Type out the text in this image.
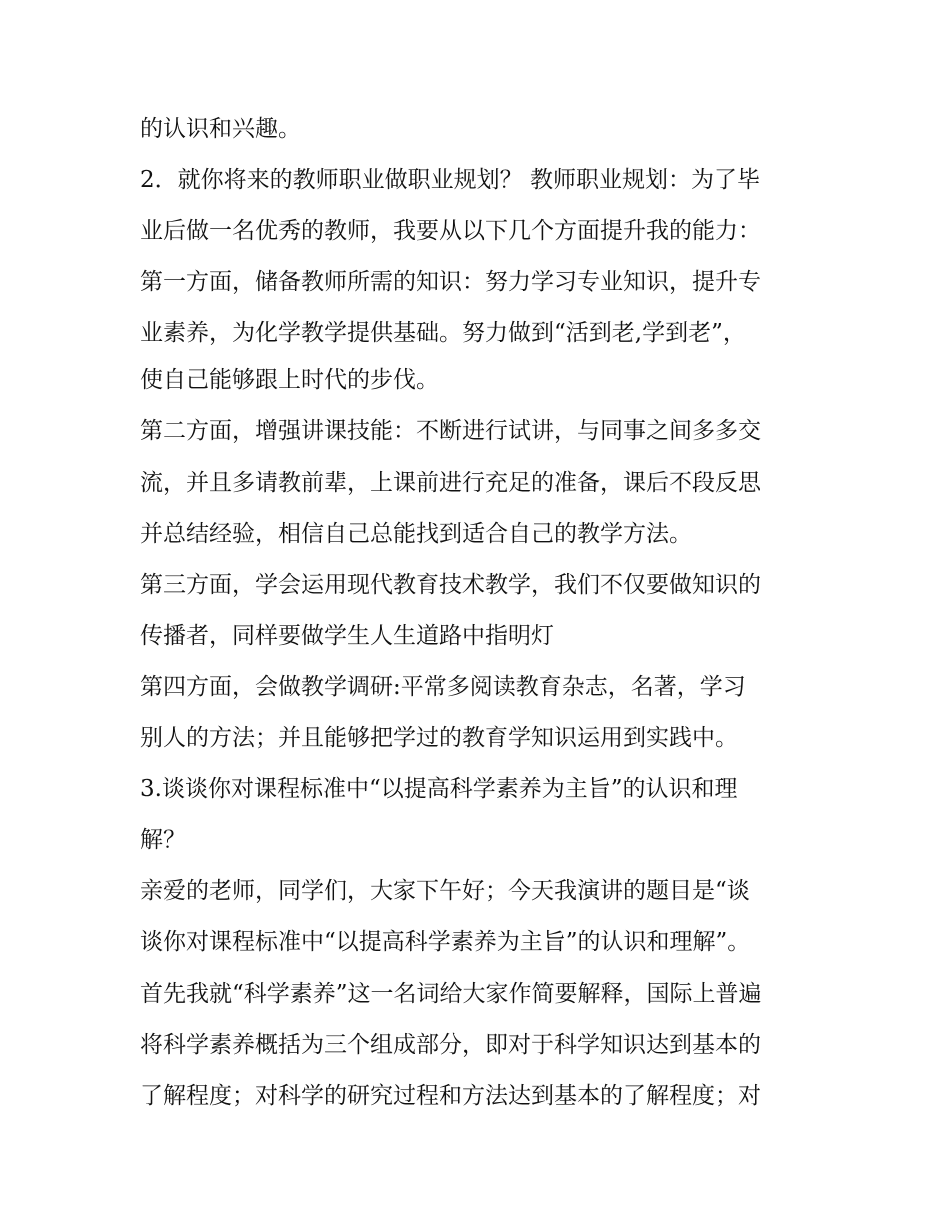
的认识和兴趣。
2．就你将来的教师职业做职业规划？ 教师职业规划：为了毕
业后做一名优秀的教师，我要从以下几个方面提升我的能力：
第一方面，储备教师所需的知识：努力学习专业知识，提升专
业素养，为化学教学提供基础。努力做到“活到老,学到老”，
使自己能够跟上时代的步伐。
第二方面，增强讲课技能：不断进行试讲，与同事之间多多交
流，并且多请教前辈，上课前进行充足的准备，课后不段反思
并总结经验，相信自己总能找到适合自己的教学方法。
第三方面，学会运用现代教育技术教学，我们不仅要做知识的
传播者，同样要做学生人生道路中指明灯
第四方面，会做教学调研:平常多阅读教育杂志，名著，学习
别人的方法；并且能够把学过的教育学知识运用到实践中。
3.谈谈你对课程标准中“以提高科学素养为主旨”的认识和理
解？
亲爱的老师，同学们，大家下午好；今天我演讲的题目是“谈
谈你对课程标准中“以提高科学素养为主旨”的认识和理解”。
首先我就“科学素养”这一名词给大家作简要解释，国际上普遍
将科学素养概括为三个组成部分，即对于科学知识达到基本的
了解程度；对科学的研究过程和方法达到基本的了解程度；对
